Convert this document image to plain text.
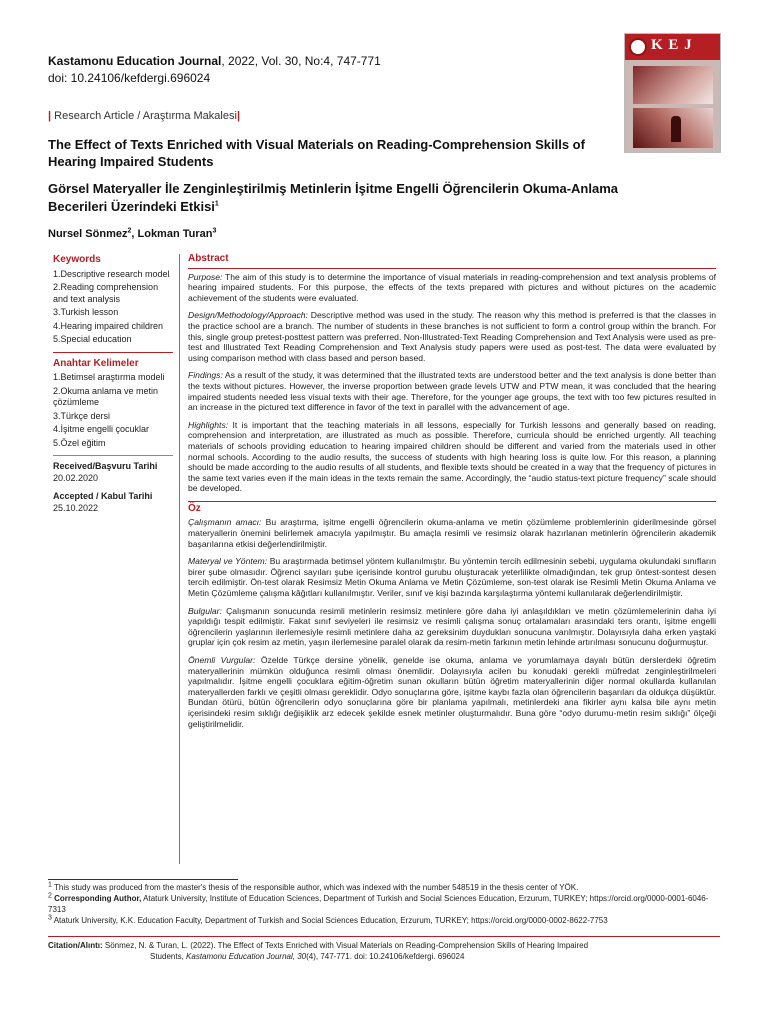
Kastamonu Education Journal, 2022, Vol. 30, No:4, 747-771
doi: 10.24106/kefdergi.696024
K E J
| Research Article / Araştırma Makalesi|
The Effect of Texts Enriched with Visual Materials on Reading-Comprehension Skills of Hearing Impaired Students
Görsel Materyaller İle Zenginleştirilmiş Metinlerin İşitme Engelli Öğrencilerin Okuma-Anlama Becerileri Üzerindeki Etkisi$^1$
Nursel Sönmez$^2$, Lokman Turan$^3$
Keywords
1.Descriptive research model
2.Reading comprehension and text analysis
3.Turkish lesson
4.Hearing impaired children
5.Special education
Anahtar Kelimeler
1.Betimsel araştırma modeli
2.Okuma anlama ve metin çözümleme
3.Türkçe dersi
4.İşitme engelli çocuklar
5.Özel eğitim
Received/Başvuru Tarihi
20.02.2020
Accepted / Kabul Tarihi
25.10.2022
Abstract

Purpose: The aim of this study is to determine the importance of visual materials in reading-comprehension and text analysis problems of hearing impaired students. For this purpose, the effects of the texts prepared with pictures and without pictures on the academic achievement of the students were evaluated.

Design/Methodology/Approach: Descriptive method was used in the study. The reason why this method is preferred is that the classes in the practice school are a branch. The number of students in these branches is not sufficient to form a control group within the branch. For this, single group pretest-posttest pattern was preferred. Non-Illustrated-Text Reading Comprehension and Text Analysis were used as pre-test and Illustrated Text Reading Comprehension and Text Analysis study papers were used as post-test. The data were evaluated by using comparison method with class based and person based.

Findings: As a result of the study, it was determined that the illustrated texts are understood better and the text analysis is done better than the texts without pictures. However, the inverse proportion between grade levels UTW and PTW mean, it was concluded that the hearing impaired students needed less visual texts with their age. Therefore, for the younger age groups, the text with too few pictures resulted in an increase in the pictured text difference in favor of the text in parallel with the advancement of age.

Highlights: It is important that the teaching materials in all lessons, especially for Turkish lessons and generally based on reading, comprehension and interpretation, are illustrated as much as possible. Therefore, curricula should be enriched urgently. All teaching materials of schools providing education to hearing impaired children should be different and varied from the materials used in other normal schools. According to the audio results, the success of students with high hearing loss is quite low. For this reason, a planning should be made according to the audio results of all students, and flexible texts should be created in a way that the frequency of pictures in the same text varies even if the main ideas in the texts remain the same. Accordingly, the “audio status-text picture frequency” scale should be developed.

Öz

Çalışmanın amacı: Bu araştırma, işitme engelli öğrencilerin okuma-anlama ve metin çözümleme problemlerinin giderilmesinde görsel materyallerin önemini belirlemek amacıyla yapılmıştır. Bu amaçla resimli ve resimsiz olarak hazırlanan metinlerin öğrencilerin akademik başarılarına etkisi değerlendirilmiştir.

Materyal ve Yöntem: Bu araştırmada betimsel yöntem kullanılmıştır. Bu yöntemin tercih edilmesinin sebebi, uygulama okulundaki sınıfların birer şube olmasıdır. Öğrenci sayıları şube içerisinde kontrol gurubu oluşturacak yeterlilikte olmadığından, tek grup öntest-sontest desen tercih edilmiştir. Ön-test olarak Resimsiz Metin Okuma Anlama ve Metin Çözümleme, son-test olarak ise Resimli Metin Okuma Anlama ve Metin Çözümleme çalışma kâğıtları kullanılmıştır. Veriler, sınıf ve kişi bazında karşılaştırma yöntemi kullanılarak değerlendirilmiştir.

Bulgular: Çalışmanın sonucunda resimli metinlerin resimsiz metinlere göre daha iyi anlaşıldıkları ve metin çözümlemelerinin daha iyi yapıldığı tespit edilmiştir. Fakat sınıf seviyeleri ile resimsiz ve resimli çalışma sonuç ortalamaları arasındaki ters orantı, işitme engelli öğrencilerin yaşlarının ilerlemesiyle resimli metinlere daha az gereksinim duydukları sonucuna varılmıştır. Dolayısıyla daha erken yaştaki gruplar için çok resim az metin, yaşın ilerlemesine paralel olarak da resim-metin farkının metin lehinde artırılması sonucunu doğurmuştur.

Önemli Vurgular: Özelde Türkçe dersine yönelik, genelde ise okuma, anlama ve yorumlamaya dayalı bütün derslerdeki öğretim materyallerinin mümkün olduğunca resimli olması önemlidir. Dolayısıyla acilen bu konudaki gerekli müfredat zenginleştirilmeleri yapılmalıdır. İşitme engelli çocuklara eğitim-öğretim sunan okulların bütün öğretim materyallerinin diğer normal okullarda kullanılan materyallerden farklı ve çeşitli olması gereklidir. Odyo sonuçlarına göre, işitme kaybı fazla olan öğrencilerin başarıları da oldukça düşüktür. Bundan ötürü, bütün öğrencilerin odyo sonuçlarına göre bir planlama yapılmalı, metinlerdeki ana fikirler aynı kalsa bile aynı metin içerisindeki resim sıklığı değişiklik arz edecek şekilde esnek metinler oluşturmalıdır. Buna göre “odyo durumu-metin resim sıklığı” ölçeği geliştirilmelidir.

$^1$ This study was produced from the master's thesis of the responsible author, which was indexed with the number 548519 in the thesis center of YÖK.
$^2$ Corresponding Author, Ataturk University, Institute of Education Sciences, Department of Turkish and Social Sciences Education, Erzurum, TURKEY; https://orcid.org/0000-0001-6046-7313
$^3$ Ataturk University, K.K. Education Faculty, Department of Turkish and Social Sciences Education, Erzurum, TURKEY; https://orcid.org/0000-0002-8622-7753
Citation/Alıntı: Sönmez, N. & Turan, L. (2022). The Effect of Texts Enriched with Visual Materials on Reading-Comprehension Skills of Hearing Impaired
Students, Kastamonu Education Journal, 30(4), 747-771. doi: 10.24106/kefdergi. 696024
